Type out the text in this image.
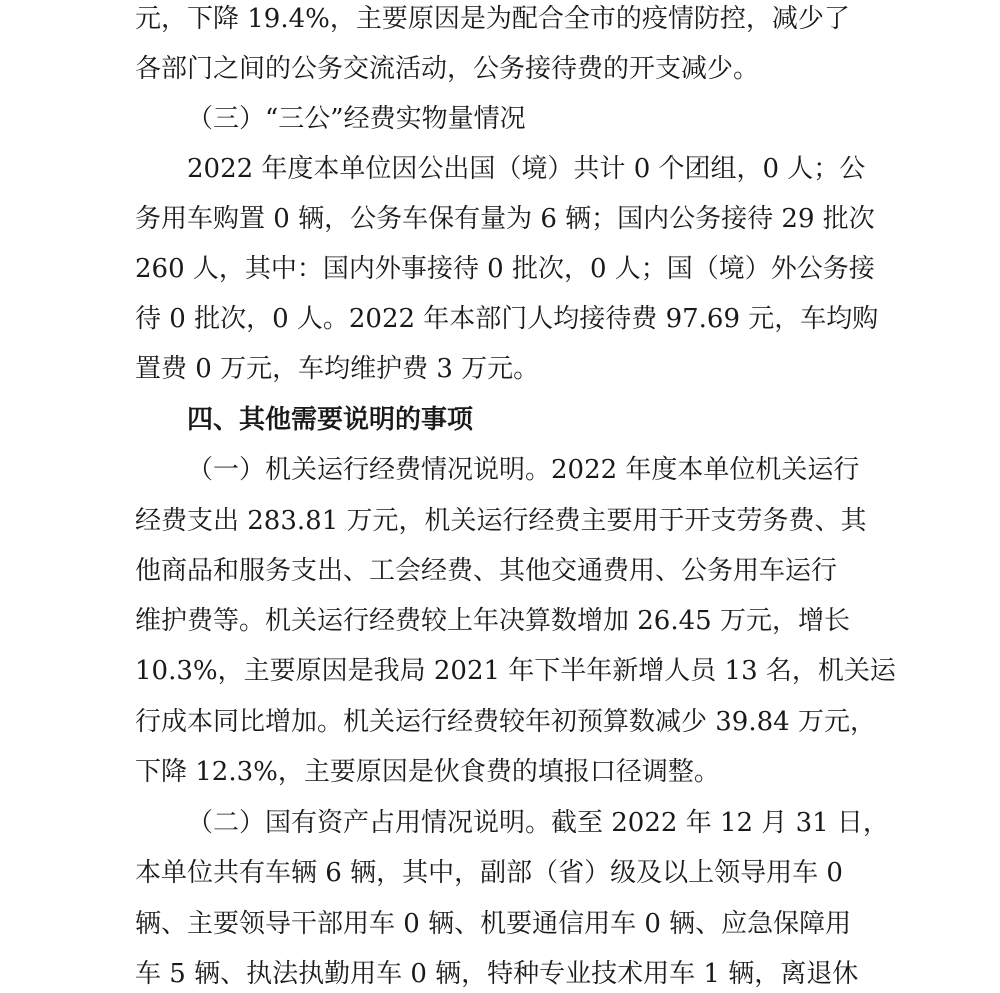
元，下降 19.4%，主要原因是为配合全市的疫情防控，减少了
各部门之间的公务交流活动，公务接待费的开支减少。
（三）“三公”经费实物量情况
2022 年度本单位因公出国（境）共计 0 个团组，0 人；公
务用车购置 0 辆，公务车保有量为 6 辆；国内公务接待 29 批次
260 人，其中：国内外事接待 0 批次，0 人；国（境）外公务接
待 0 批次，0 人。2022 年本部门人均接待费 97.69 元，车均购
置费 0 万元，车均维护费 3 万元。
四、其他需要说明的事项
（一）机关运行经费情况说明。2022 年度本单位机关运行
经费支出 283.81 万元，机关运行经费主要用于开支劳务费、其
他商品和服务支出、工会经费、其他交通费用、公务用车运行
维护费等。机关运行经费较上年决算数增加 26.45 万元，增长
10.3%，主要原因是我局 2021 年下半年新增人员 13 名，机关运
行成本同比增加。机关运行经费较年初预算数减少 39.84 万元，
下降 12.3%，主要原因是伙食费的填报口径调整。
（二）国有资产占用情况说明。截至 2022 年 12 月 31 日，
本单位共有车辆 6 辆，其中，副部（省）级及以上领导用车 0
辆、主要领导干部用车 0 辆、机要通信用车 0 辆、应急保障用
车 5 辆、执法执勤用车 0 辆，特种专业技术用车 1 辆，离退休
